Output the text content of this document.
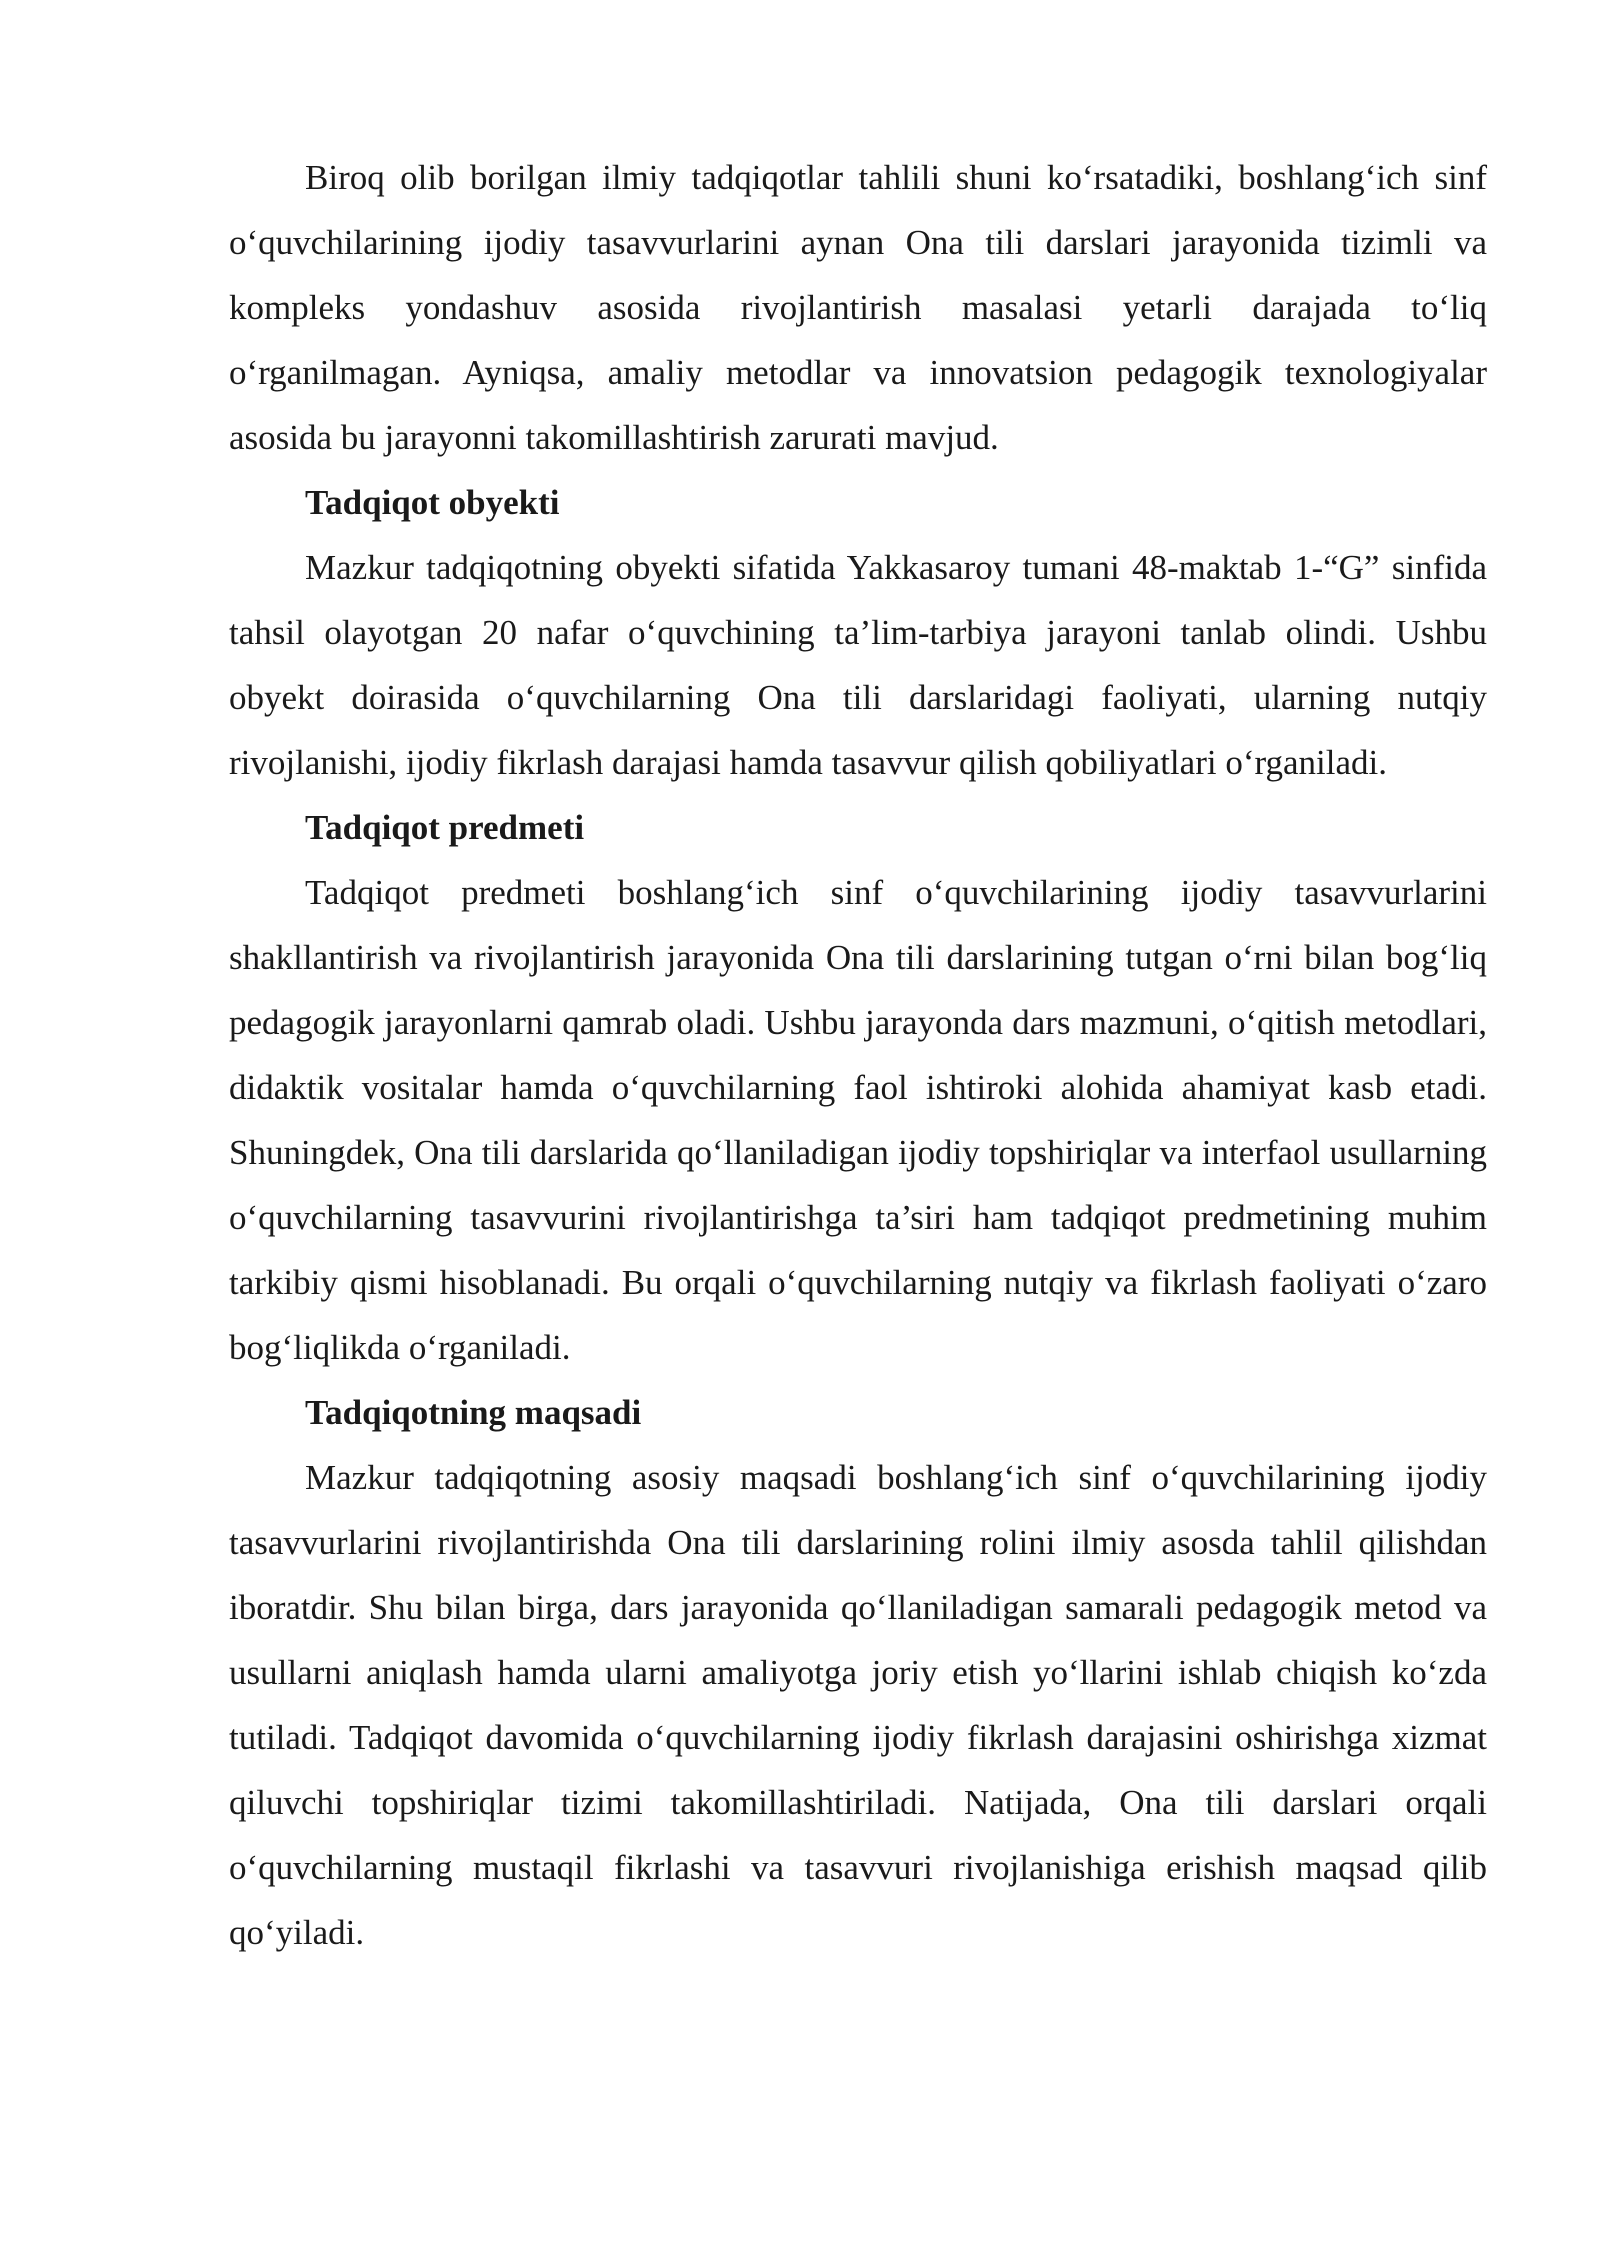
Biroq olib borilgan ilmiy tadqiqotlar tahlili shuni ko‘rsatadiki, boshlang‘ich sinf o‘quvchilarining ijodiy tasavvurlarini aynan Ona tili darslari jarayonida tizimli va kompleks yondashuv asosida rivojlantirish masalasi yetarli darajada to‘liq o‘rganilmagan. Ayniqsa, amaliy metodlar va innovatsion pedagogik texnologiyalar asosida bu jarayonni takomillashtirish zarurati mavjud.

Tadqiqot obyekti

Mazkur tadqiqotning obyekti sifatida Yakkasaroy tumani 48-maktab 1-“G” sinfida tahsil olayotgan 20 nafar o‘quvchining ta’lim-tarbiya jarayoni tanlab olindi. Ushbu obyekt doirasida o‘quvchilarning Ona tili darslaridagi faoliyati, ularning nutqiy rivojlanishi, ijodiy fikrlash darajasi hamda tasavvur qilish qobiliyatlari o‘rganiladi.

Tadqiqot predmeti

Tadqiqot predmeti boshlang‘ich sinf o‘quvchilarining ijodiy tasavvurlarini shakllantirish va rivojlantirish jarayonida Ona tili darslarining tutgan o‘rni bilan bog‘liq pedagogik jarayonlarni qamrab oladi. Ushbu jarayonda dars mazmuni, o‘qitish metodlari, didaktik vositalar hamda o‘quvchilarning faol ishtiroki alohida ahamiyat kasb etadi. Shuningdek, Ona tili darslarida qo‘llaniladigan ijodiy topshiriqlar va interfaol usullarning o‘quvchilarning tasavvurini rivojlantirishga ta’siri ham tadqiqot predmetining muhim tarkibiy qismi hisoblanadi. Bu orqali o‘quvchilarning nutqiy va fikrlash faoliyati o‘zaro bog‘liqlikda o‘rganiladi.

Tadqiqotning maqsadi

Mazkur tadqiqotning asosiy maqsadi boshlang‘ich sinf o‘quvchilarining ijodiy tasavvurlarini rivojlantirishda Ona tili darslarining rolini ilmiy asosda tahlil qilishdan iboratdir. Shu bilan birga, dars jarayonida qo‘llaniladigan samarali pedagogik metod va usullarni aniqlash hamda ularni amaliyotga joriy etish yo‘llarini ishlab chiqish ko‘zda tutiladi. Tadqiqot davomida o‘quvchilarning ijodiy fikrlash darajasini oshirishga xizmat qiluvchi topshiriqlar tizimi takomillashtiriladi. Natijada, Ona tili darslari orqali o‘quvchilarning mustaqil fikrlashi va tasavvuri rivojlanishiga erishish maqsad qilib qo‘yiladi.
